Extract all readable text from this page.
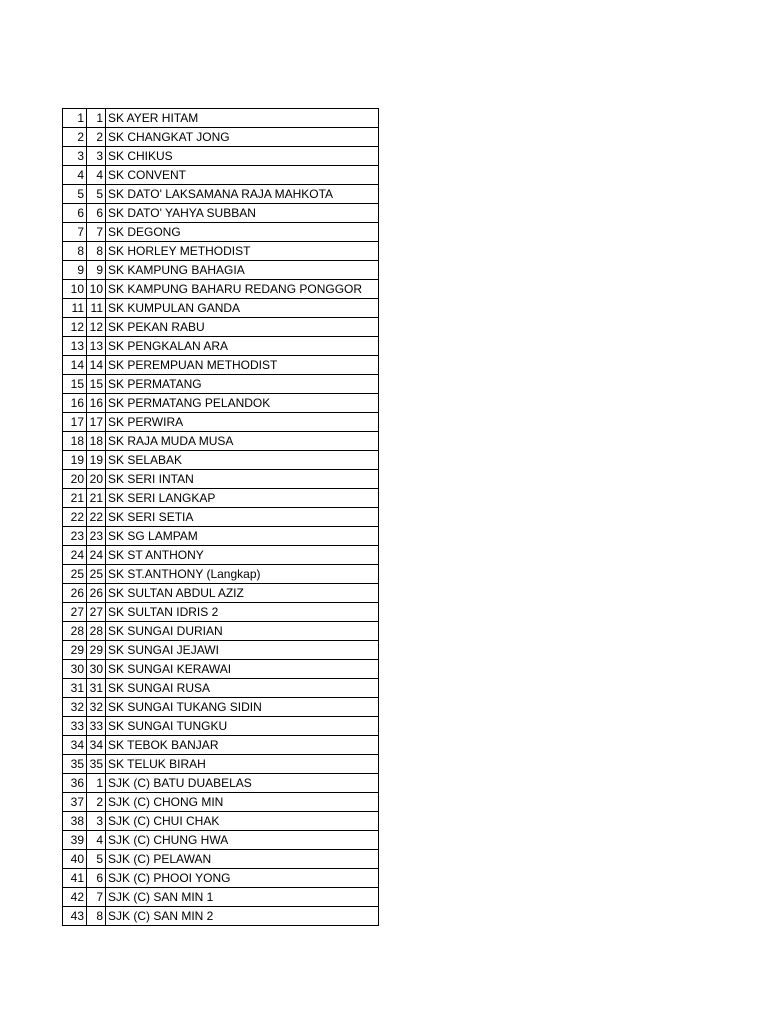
1	1	SK AYER HITAM
2	2	SK CHANGKAT JONG
3	3	SK CHIKUS
4	4	SK CONVENT
5	5	SK DATO' LAKSAMANA RAJA MAHKOTA
6	6	SK DATO' YAHYA SUBBAN
7	7	SK DEGONG
8	8	SK HORLEY METHODIST
9	9	SK KAMPUNG BAHAGIA
10	10	SK KAMPUNG BAHARU REDANG PONGGOR
11	11	SK KUMPULAN GANDA
12	12	SK PEKAN RABU
13	13	SK PENGKALAN ARA
14	14	SK PEREMPUAN METHODIST
15	15	SK PERMATANG
16	16	SK PERMATANG PELANDOK
17	17	SK PERWIRA
18	18	SK RAJA MUDA MUSA
19	19	SK SELABAK
20	20	SK SERI INTAN
21	21	SK SERI LANGKAP
22	22	SK SERI SETIA
23	23	SK SG LAMPAM
24	24	SK ST ANTHONY
25	25	SK ST.ANTHONY (Langkap)
26	26	SK SULTAN ABDUL AZIZ
27	27	SK SULTAN IDRIS 2
28	28	SK SUNGAI DURIAN
29	29	SK SUNGAI JEJAWI
30	30	SK SUNGAI KERAWAI
31	31	SK SUNGAI RUSA
32	32	SK SUNGAI TUKANG SIDIN
33	33	SK SUNGAI TUNGKU
34	34	SK TEBOK BANJAR
35	35	SK TELUK BIRAH
36	1	SJK (C) BATU DUABELAS
37	2	SJK (C) CHONG MIN
38	3	SJK (C) CHUI CHAK
39	4	SJK (C) CHUNG HWA
40	5	SJK (C) PELAWAN
41	6	SJK (C) PHOOI YONG
42	7	SJK (C) SAN MIN 1
43	8	SJK (C) SAN MIN 2
